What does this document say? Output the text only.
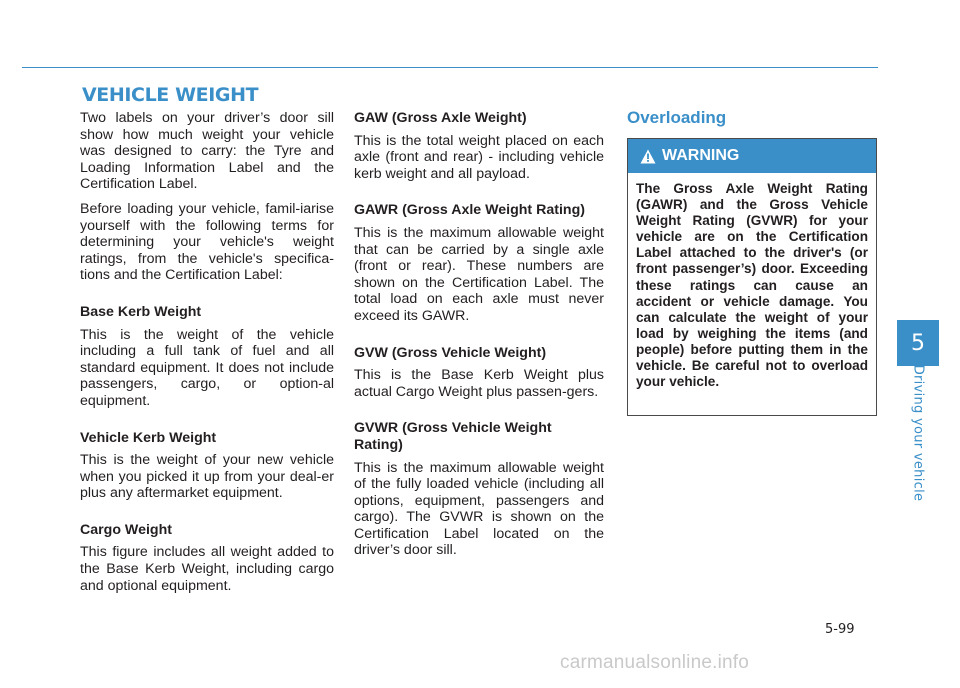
VEHICLE WEIGHT

Two labels on your driver’s door sill show how much weight your vehicle was designed to carry: the Tyre and Loading Information Label and the Certification Label.

Before loading your vehicle, famil-iarise yourself with the following terms for determining your vehicle's weight ratings, from the vehicle's specifica-tions and the Certification Label:

Base Kerb Weight

This is the weight of the vehicle including a full tank of fuel and all standard equipment. It does not include passengers, cargo, or option-al equipment.

Vehicle Kerb Weight

This is the weight of your new vehicle when you picked it up from your deal-er plus any aftermarket equipment.

Cargo Weight

This figure includes all weight added to the Base Kerb Weight, including cargo and optional equipment.

GAW (Gross Axle Weight)

This is the total weight placed on each axle (front and rear) - including vehicle kerb weight and all payload.

GAWR (Gross Axle Weight Rating)

This is the maximum allowable weight that can be carried by a single axle (front or rear). These numbers are shown on the Certification Label. The total load on each axle must never exceed its GAWR.

GVW (Gross Vehicle Weight)

This is the Base Kerb Weight plus actual Cargo Weight plus passen-gers.

GVWR (Gross Vehicle Weight Rating)

This is the maximum allowable weight of the fully loaded vehicle (including all options, equipment, passengers and cargo). The GVWR is shown on the Certification Label located on the driver’s door sill.

Overloading
WARNING

The Gross Axle Weight Rating (GAWR) and the Gross Vehicle Weight Rating (GVWR) for your vehicle are on the Certification Label attached to the driver's (or front passenger’s) door. Exceeding these ratings can cause an accident or vehicle damage. You can calculate the weight of your load by weighing the items (and people) before putting them in the vehicle. Be careful not to overload your vehicle.

5
Driving your vehicle
5-99
carmanualsonline.info
